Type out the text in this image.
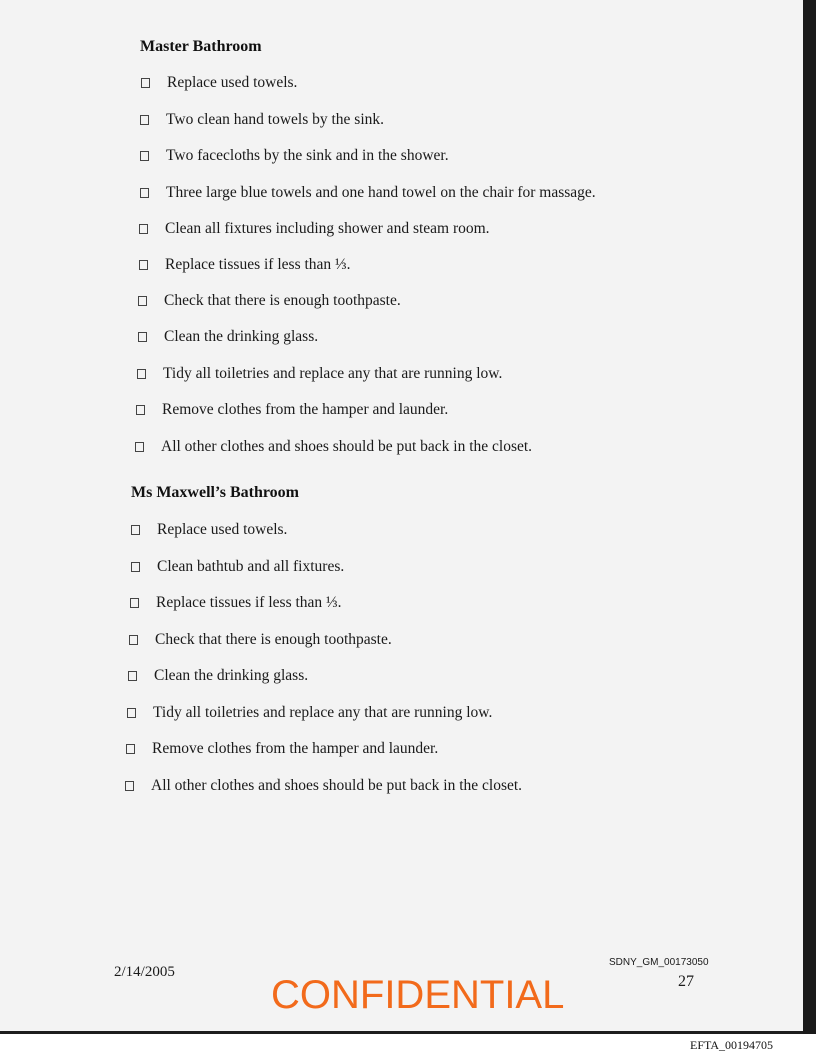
Master Bathroom
Replace used towels.
Two clean hand towels by the sink.
Two facecloths by the sink and in the shower.
Three large blue towels and one hand towel on the chair for massage.
Clean all fixtures including shower and steam room.
Replace tissues if less than ⅓.
Check that there is enough toothpaste.
Clean the drinking glass.
Tidy all toiletries and replace any that are running low.
Remove clothes from the hamper and launder.
All other clothes and shoes should be put back in the closet.
Ms Maxwell’s Bathroom
Replace used towels.
Clean bathtub and all fixtures.
Replace tissues if less than ⅓.
Check that there is enough toothpaste.
Clean the drinking glass.
Tidy all toiletries and replace any that are running low.
Remove clothes from the hamper and launder.
All other clothes and shoes should be put back in the closet.
2/14/2005
SDNY_GM_00173050
27
CONFIDENTIAL
EFTA_00194705
